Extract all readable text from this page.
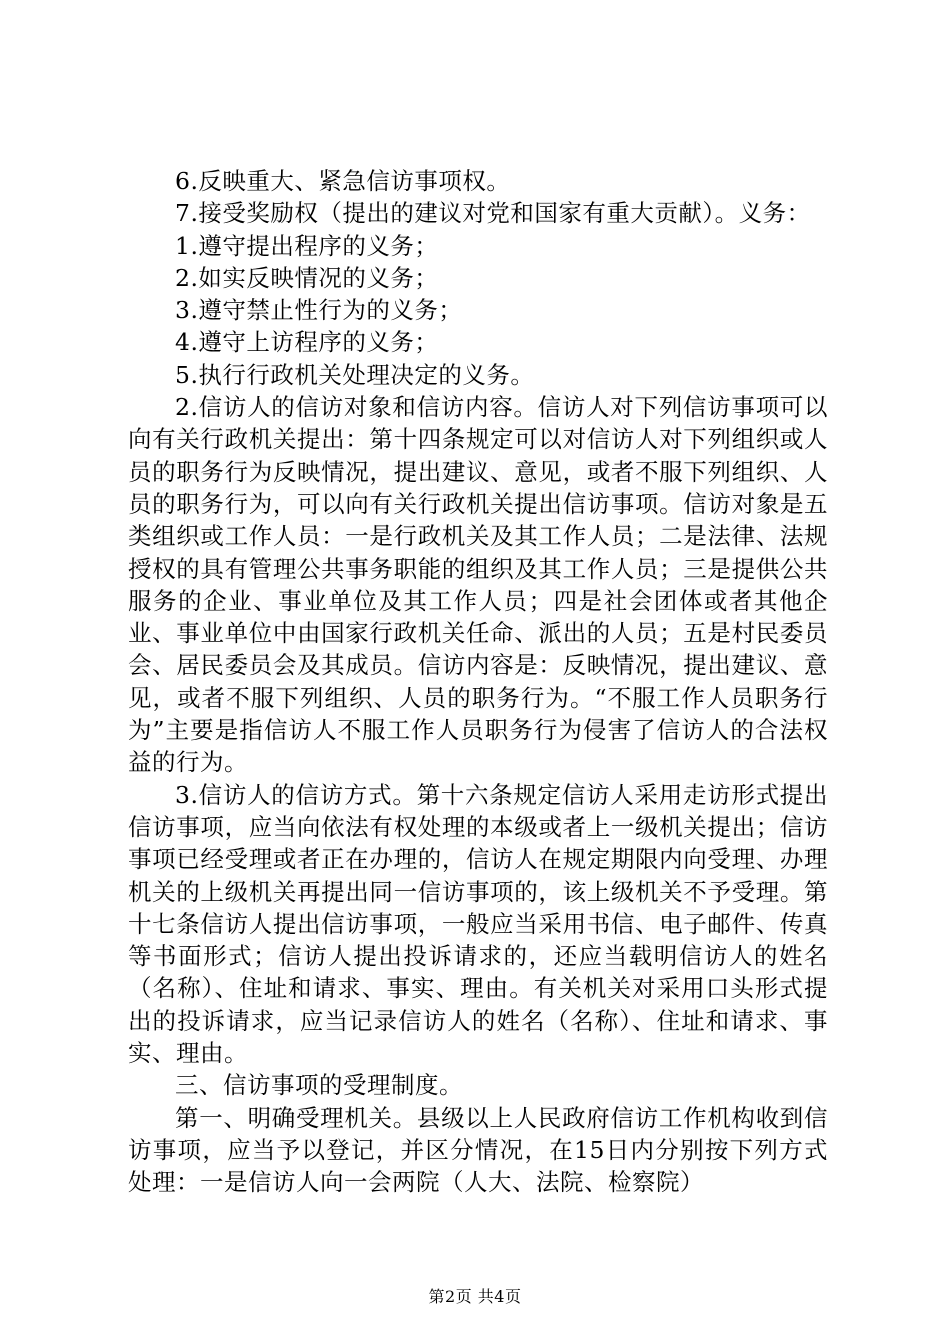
6.反映重大、紧急信访事项权。

7.接受奖励权（提出的建议对党和国家有重大贡献）。义务：

1.遵守提出程序的义务；

2.如实反映情况的义务；

3.遵守禁止性行为的义务；

4.遵守上访程序的义务；

5.执行行政机关处理决定的义务。

2.信访人的信访对象和信访内容。信访人对下列信访事项可以向有关行政机关提出：第十四条规定可以对信访人对下列组织或人员的职务行为反映情况，提出建议、意见，或者不服下列组织、人员的职务行为，可以向有关行政机关提出信访事项。信访对象是五类组织或工作人员：一是行政机关及其工作人员；二是法律、法规授权的具有管理公共事务职能的组织及其工作人员；三是提供公共服务的企业、事业单位及其工作人员；四是社会团体或者其他企业、事业单位中由国家行政机关任命、派出的人员；五是村民委员会、居民委员会及其成员。信访内容是：反映情况，提出建议、意见，或者不服下列组织、人员的职务行为。“不服工作人员职务行为”主要是指信访人不服工作人员职务行为侵害了信访人的合法权益的行为。

3.信访人的信访方式。第十六条规定信访人采用走访形式提出信访事项，应当向依法有权处理的本级或者上一级机关提出；信访事项已经受理或者正在办理的，信访人在规定期限内向受理、办理机关的上级机关再提出同一信访事项的，该上级机关不予受理。第十七条信访人提出信访事项，一般应当采用书信、电子邮件、传真等书面形式；信访人提出投诉请求的，还应当载明信访人的姓名（名称）、住址和请求、事实、理由。有关机关对采用口头形式提出的投诉请求，应当记录信访人的姓名（名称）、住址和请求、事实、理由。

三、信访事项的受理制度。

第一、明确受理机关。县级以上人民政府信访工作机构收到信访事项，应当予以登记，并区分情况，在15日内分别按下列方式处理：一是信访人向一会两院（人大、法院、检察院）

第2页 共4页
